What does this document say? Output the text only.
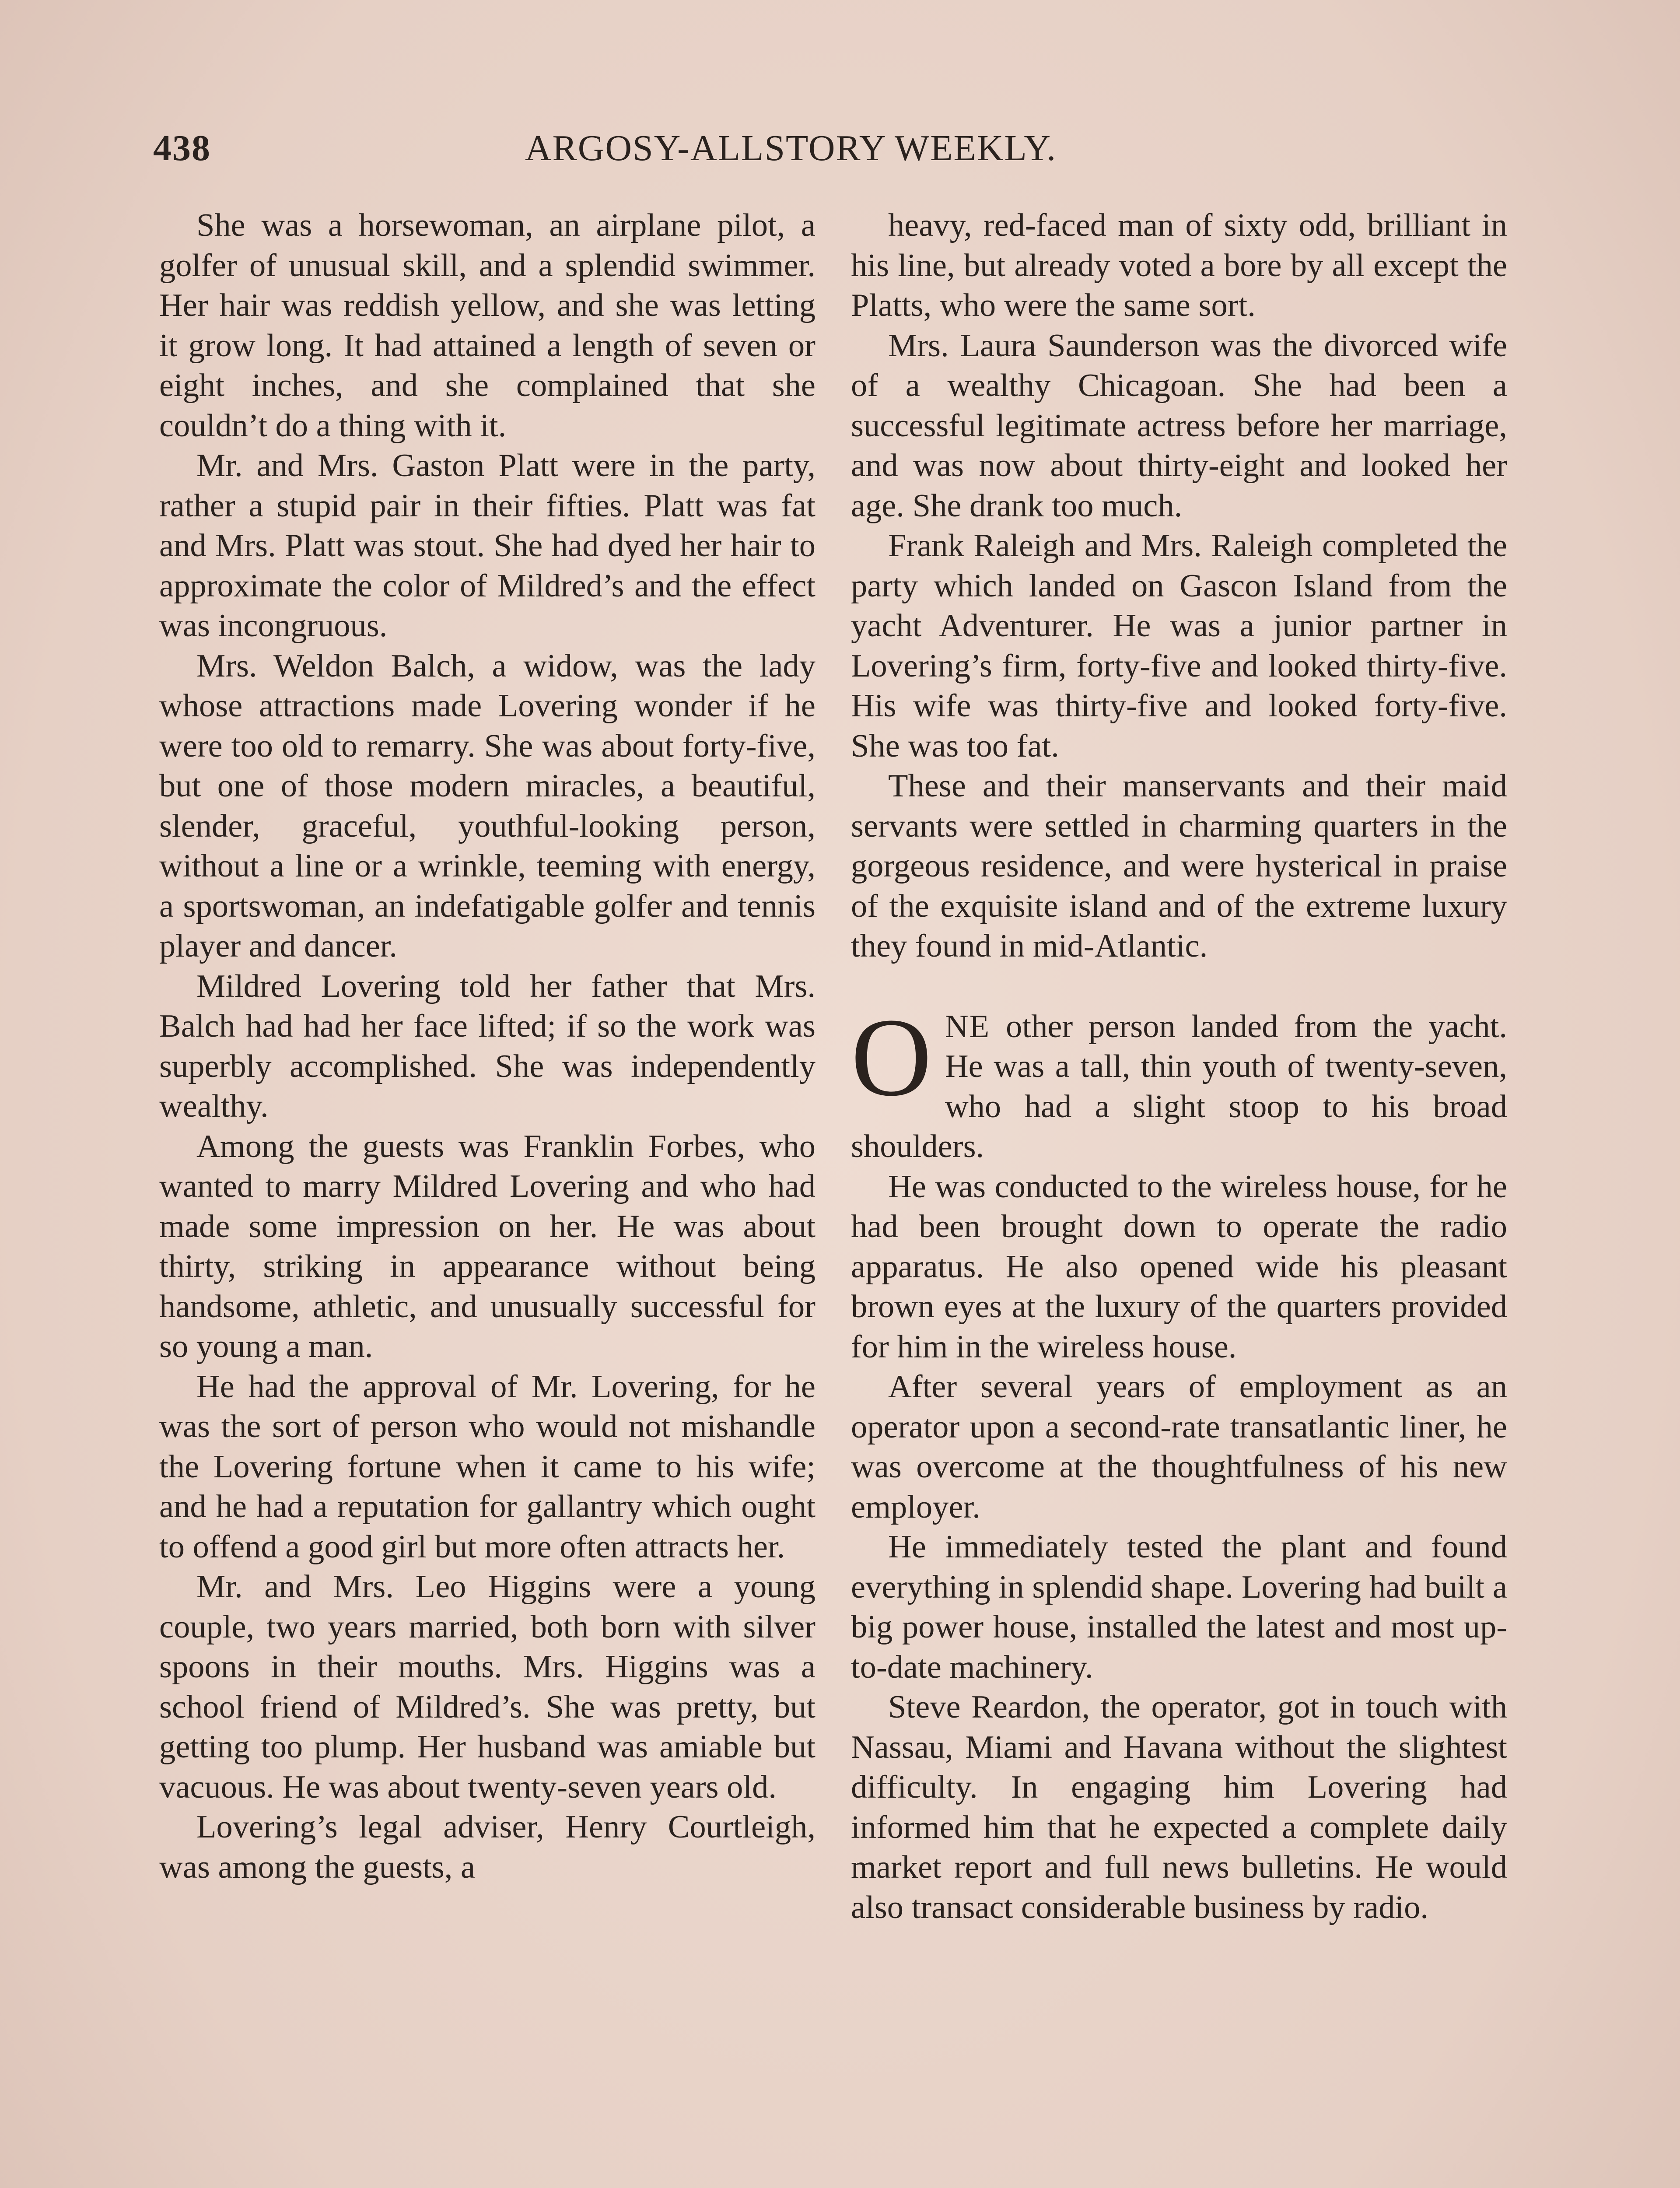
438	ARGOSY-ALLSTORY WEEKLY.

She was a horsewoman, an airplane pilot, a golfer of unusual skill, and a splendid swimmer. Her hair was reddish yellow, and she was letting it grow long. It had attained a length of seven or eight inches, and she complained that she couldn’t do a thing with it.

Mr. and Mrs. Gaston Platt were in the party, rather a stupid pair in their fifties. Platt was fat and Mrs. Platt was stout. She had dyed her hair to approximate the color of Mildred’s and the effect was incongruous.

Mrs. Weldon Balch, a widow, was the lady whose attractions made Lovering wonder if he were too old to remarry. She was about forty-five, but one of those modern miracles, a beautiful, slender, graceful, youthful-looking person, without a line or a wrinkle, teeming with energy, a sportswoman, an indefatigable golfer and tennis player and dancer.

Mildred Lovering told her father that Mrs. Balch had had her face lifted; if so the work was superbly accomplished. She was independently wealthy.

Among the guests was Franklin Forbes, who wanted to marry Mildred Lovering and who had made some impression on her. He was about thirty, striking in appearance without being handsome, athletic, and unusually successful for so young a man.

He had the approval of Mr. Lovering, for he was the sort of person who would not mishandle the Lovering fortune when it came to his wife; and he had a reputation for gallantry which ought to offend a good girl but more often attracts her.

Mr. and Mrs. Leo Higgins were a young couple, two years married, both born with silver spoons in their mouths. Mrs. Higgins was a school friend of Mildred’s. She was pretty, but getting too plump. Her husband was amiable but vacuous. He was about twenty-seven years old.

Lovering’s legal adviser, Henry Courtleigh, was among the guests, a

heavy, red-faced man of sixty odd, brilliant in his line, but already voted a bore by all except the Platts, who were the same sort.

Mrs. Laura Saunderson was the divorced wife of a wealthy Chicagoan. She had been a successful legitimate actress before her marriage, and was now about thirty-eight and looked her age. She drank too much.

Frank Raleigh and Mrs. Raleigh completed the party which landed on Gascon Island from the yacht Adventurer. He was a junior partner in Lovering’s firm, forty-five and looked thirty-five. His wife was thirty-five and looked forty-five. She was too fat.

These and their manservants and their maid servants were settled in charming quarters in the gorgeous residence, and were hysterical in praise of the exquisite island and of the extreme luxury they found in mid-Atlantic.

ONE other person landed from the yacht. He was a tall, thin youth of twenty-seven, who had a slight stoop to his broad shoulders.

He was conducted to the wireless house, for he had been brought down to operate the radio apparatus. He also opened wide his pleasant brown eyes at the luxury of the quarters provided for him in the wireless house.

After several years of employment as an operator upon a second-rate transatlantic liner, he was overcome at the thoughtfulness of his new employer.

He immediately tested the plant and found everything in splendid shape. Lovering had built a big power house, installed the latest and most up-to-date machinery.

Steve Reardon, the operator, got in touch with Nassau, Miami and Havana without the slightest difficulty. In engaging him Lovering had informed him that he expected a complete daily market report and full news bulletins. He would also transact considerable business by radio.
